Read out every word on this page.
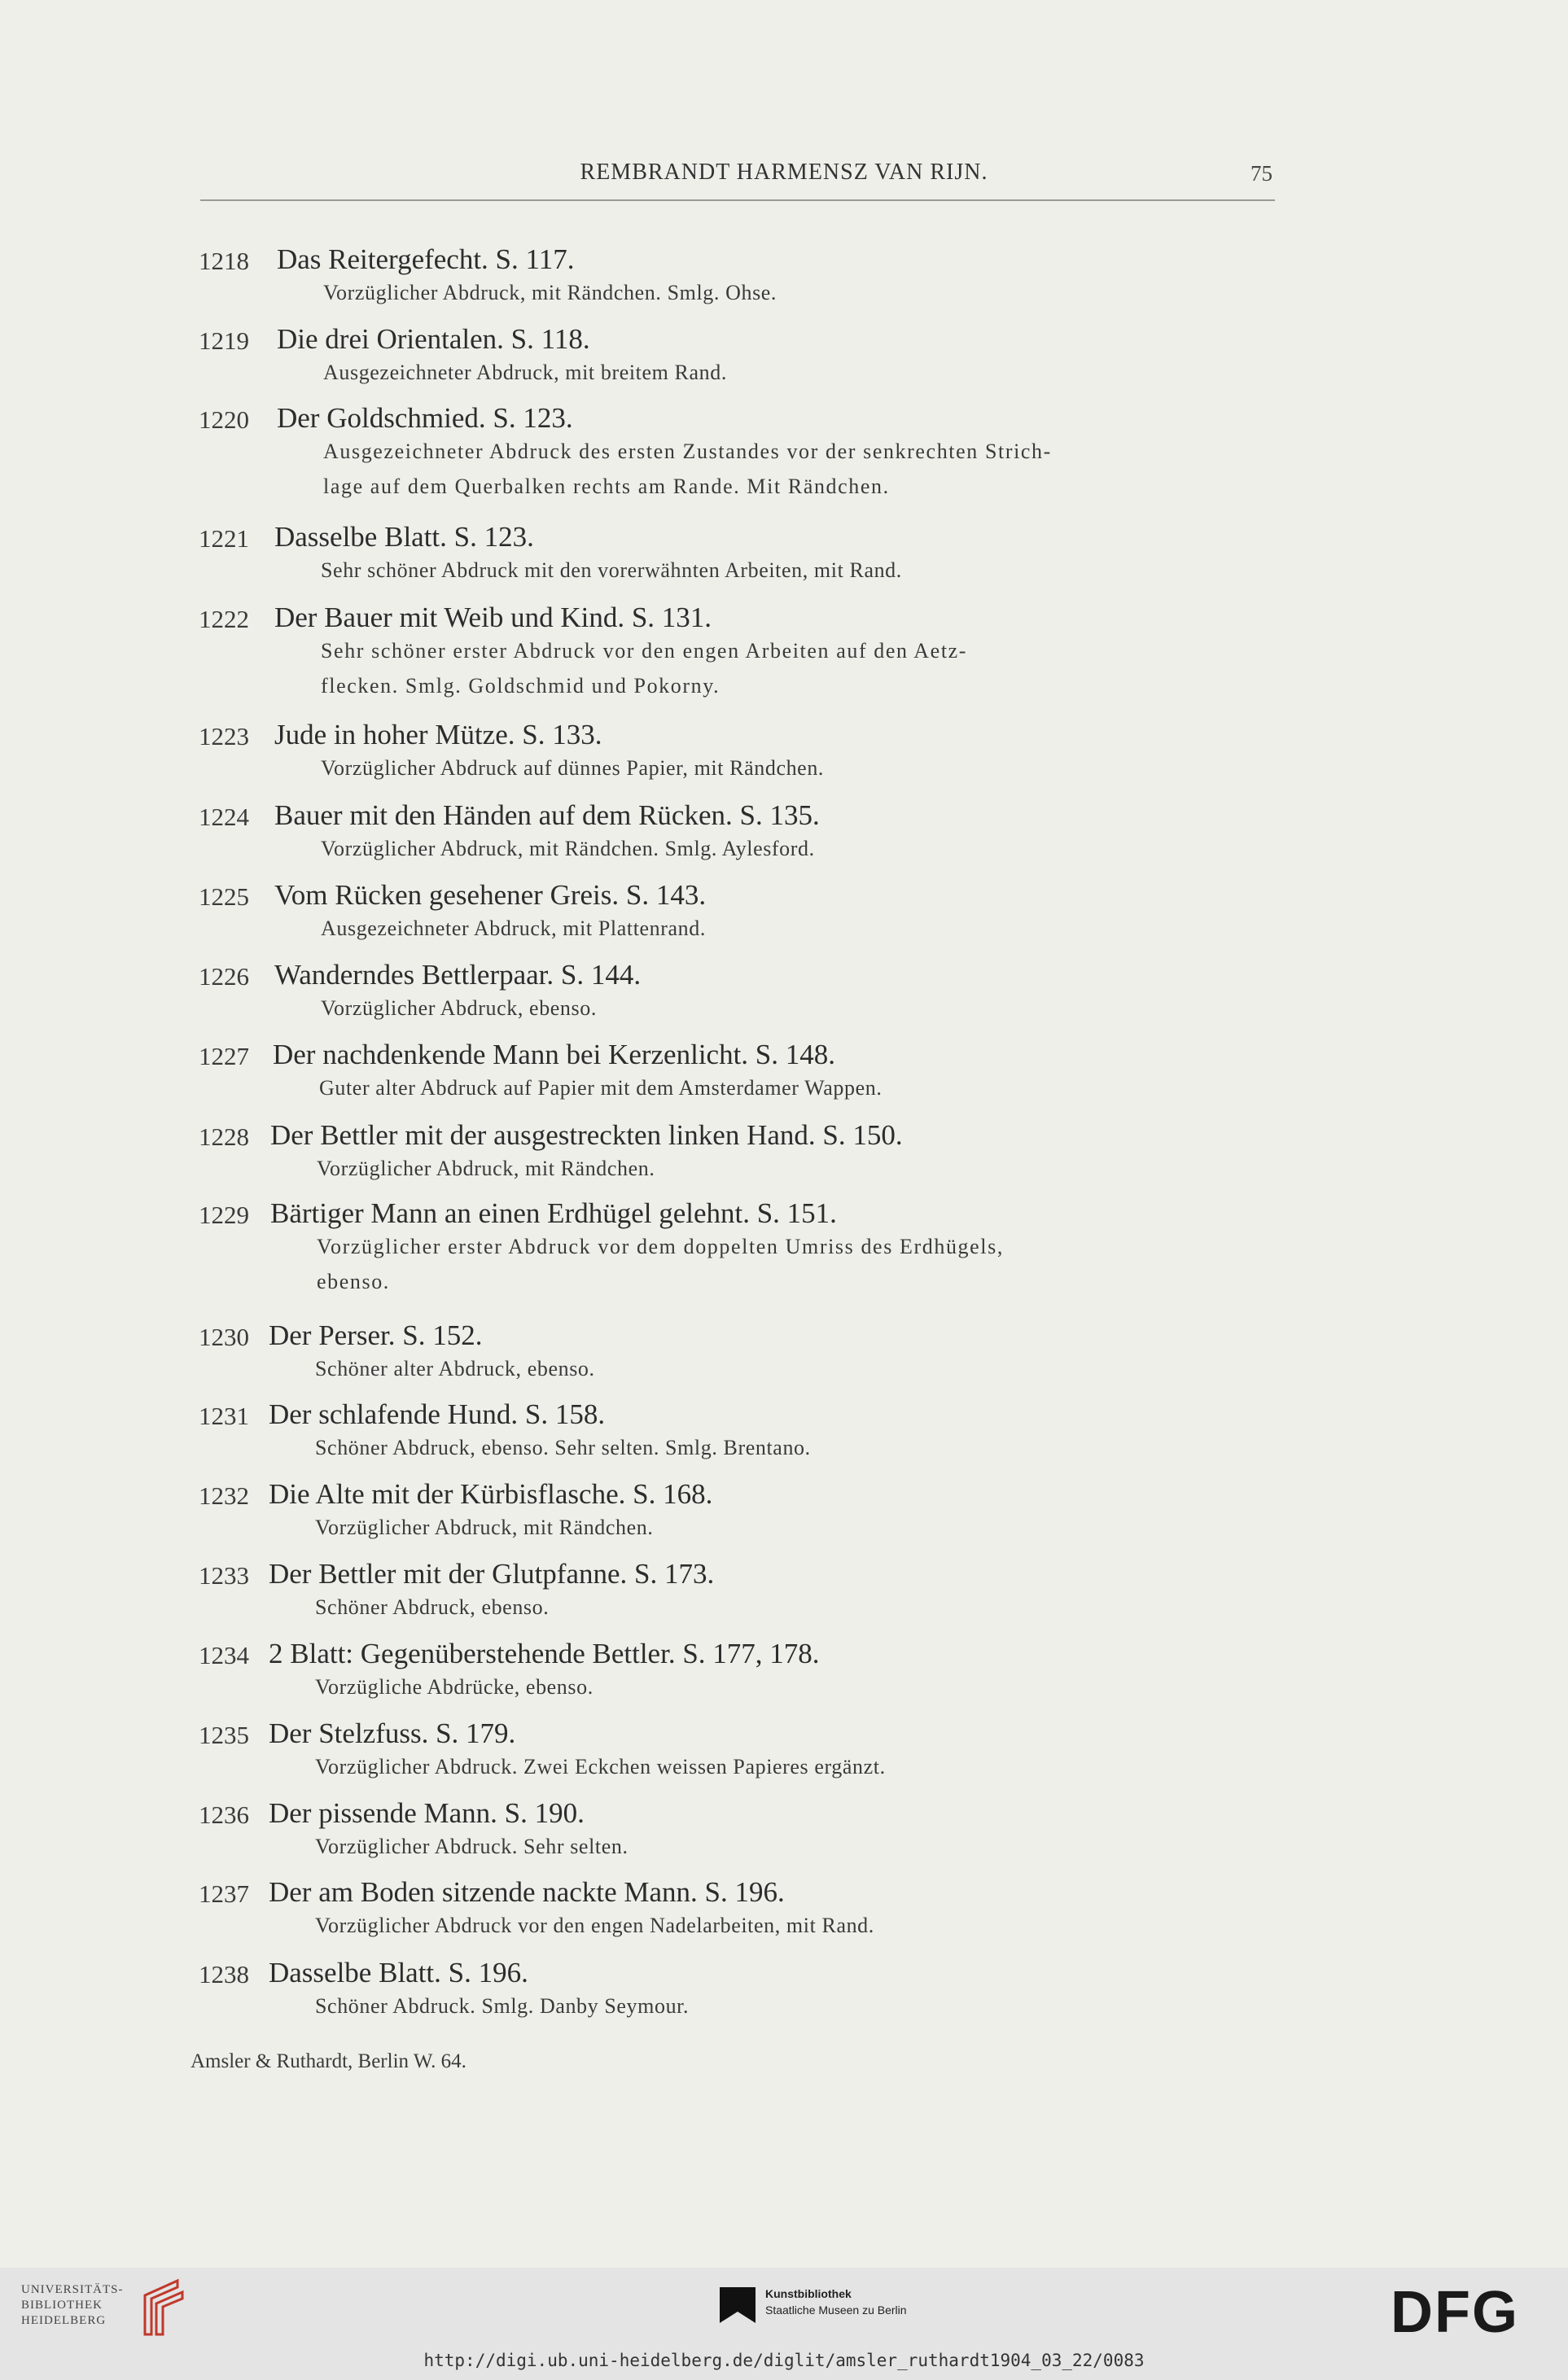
REMBRANDT HARMENSZ VAN RIJN.	75
1218 Das Reitergefecht. S. 117.
Vorzüglicher Abdruck, mit Rändchen. Smlg. Ohse.
1219 Die drei Orientalen. S. 118.
Ausgezeichneter Abdruck, mit breitem Rand.
1220 Der Goldschmied. S. 123.
Ausgezeichneter Abdruck des ersten Zustandes vor der senkrechten Strich-
lage auf dem Querbalken rechts am Rande. Mit Rändchen.
1221 Dasselbe Blatt. S. 123.
Sehr schöner Abdruck mit den vorerwähnten Arbeiten, mit Rand.
1222 Der Bauer mit Weib und Kind. S. 131.
Sehr schöner erster Abdruck vor den engen Arbeiten auf den Aetz-
flecken. Smlg. Goldschmid und Pokorny.
1223 Jude in hoher Mütze. S. 133.
Vorzüglicher Abdruck auf dünnes Papier, mit Rändchen.
1224 Bauer mit den Händen auf dem Rücken. S. 135.
Vorzüglicher Abdruck, mit Rändchen. Smlg. Aylesford.
1225 Vom Rücken gesehener Greis. S. 143.
Ausgezeichneter Abdruck, mit Plattenrand.
1226 Wanderndes Bettlerpaar. S. 144.
Vorzüglicher Abdruck, ebenso.
1227 Der nachdenkende Mann bei Kerzenlicht. S. 148.
Guter alter Abdruck auf Papier mit dem Amsterdamer Wappen.
1228 Der Bettler mit der ausgestreckten linken Hand. S. 150.
Vorzüglicher Abdruck, mit Rändchen.
1229 Bärtiger Mann an einen Erdhügel gelehnt. S. 151.
Vorzüglicher erster Abdruck vor dem doppelten Umriss des Erdhügels,
ebenso.
1230 Der Perser. S. 152.
Schöner alter Abdruck, ebenso.
1231 Der schlafende Hund. S. 158.
Schöner Abdruck, ebenso. Sehr selten. Smlg. Brentano.
1232 Die Alte mit der Kürbisflasche. S. 168.
Vorzüglicher Abdruck, mit Rändchen.
1233 Der Bettler mit der Glutpfanne. S. 173.
Schöner Abdruck, ebenso.
1234 2 Blatt: Gegenüberstehende Bettler. S. 177, 178.
Vorzügliche Abdrücke, ebenso.
1235 Der Stelzfuss. S. 179.
Vorzüglicher Abdruck. Zwei Eckchen weissen Papieres ergänzt.
1236 Der pissende Mann. S. 190.
Vorzüglicher Abdruck. Sehr selten.
1237 Der am Boden sitzende nackte Mann. S. 196.
Vorzüglicher Abdruck vor den engen Nadelarbeiten, mit Rand.
1238 Dasselbe Blatt. S. 196.
Schöner Abdruck. Smlg. Danby Seymour.
Amsler & Ruthardt, Berlin W. 64.
UNIVERSITÄTS-
BIBLIOTHEK
HEIDELBERG
Kunstbibliothek
Staatliche Museen zu Berlin	DFG
http://digi.ub.uni-heidelberg.de/diglit/amsler_ruthardt1904_03_22/0083
